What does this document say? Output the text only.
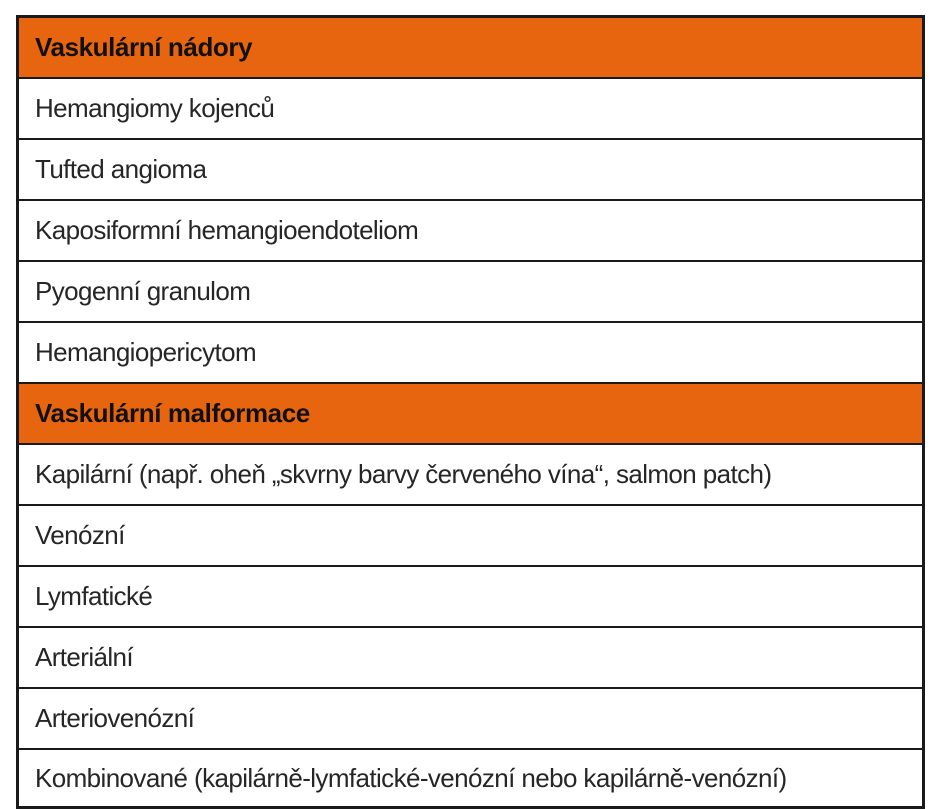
Vaskulární nádory
Hemangiomy kojenců
Tufted angioma
Kaposiformní hemangioendoteliom
Pyogenní granulom
Hemangiopericytom
Vaskulární malformace
Kapilární (např. oheň „skvrny barvy červeného vína“, salmon patch)
Venózní
Lymfatické
Arteriální
Arteriovenózní
Kombinované (kapilárně-lymfatické-venózní nebo kapilárně-venózní)
